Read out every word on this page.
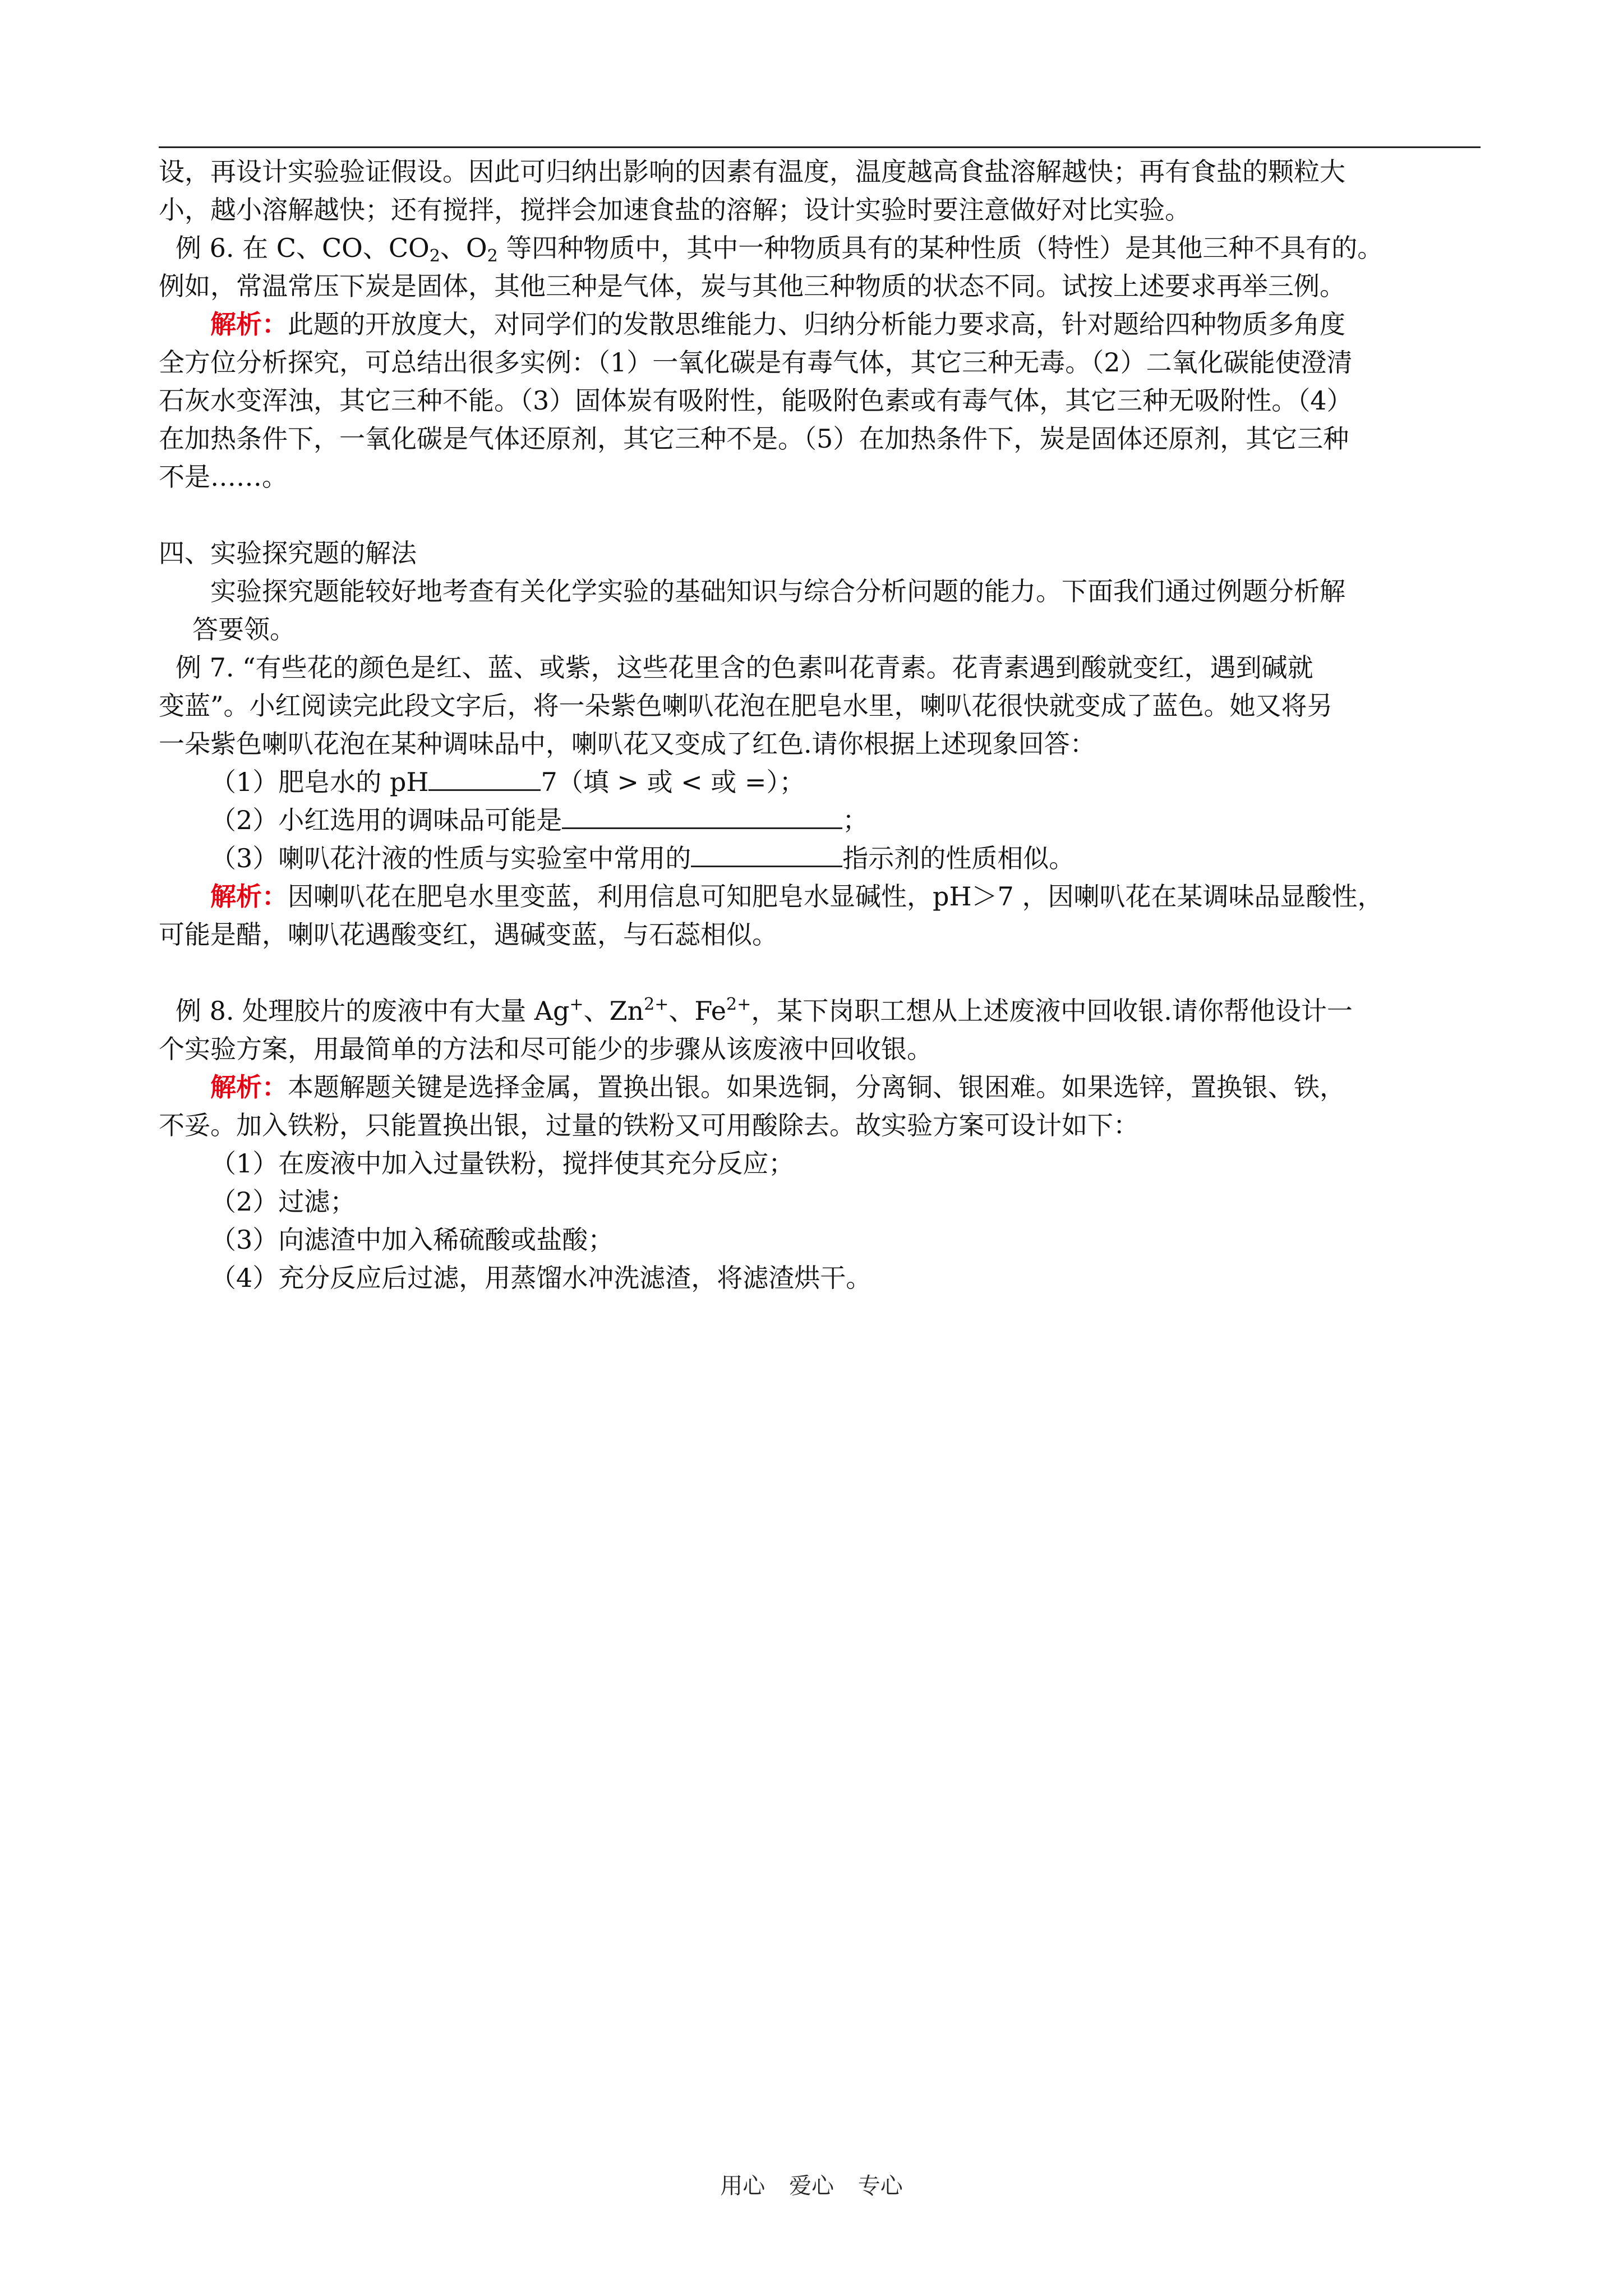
设，再设计实验验证假设。因此可归纳出影响的因素有温度，温度越高食盐溶解越快；再有食盐的颗粒大

小，越小溶解越快；还有搅拌，搅拌会加速食盐的溶解；设计实验时要注意做好对比实验。

例 6. 在 C、CO、$CO_2$、$O_2$ 等四种物质中，其中一种物质具有的某种性质（特性）是其他三种不具有的。

例如，常温常压下炭是固体，其他三种是气体，炭与其他三种物质的状态不同。试按上述要求再举三例。

解析：此题的开放度大，对同学们的发散思维能力、归纳分析能力要求高，针对题给四种物质多角度

全方位分析探究，可总结出很多实例：（1）一氧化碳是有毒气体，其它三种无毒。（2）二氧化碳能使澄清

石灰水变浑浊，其它三种不能。（3）固体炭有吸附性，能吸附色素或有毒气体，其它三种无吸附性。（4）

在加热条件下，一氧化碳是气体还原剂，其它三种不是。（5）在加热条件下，炭是固体还原剂，其它三种

不是……。

四、实验探究题的解法

实验探究题能较好地考查有关化学实验的基础知识与综合分析问题的能力。下面我们通过例题分析解

答要领。

例 7. “有些花的颜色是红、蓝、或紫，这些花里含的色素叫花青素。花青素遇到酸就变红，遇到碱就

变蓝”。小红阅读完此段文字后，将一朵紫色喇叭花泡在肥皂水里，喇叭花很快就变成了蓝色。她又将另

一朵紫色喇叭花泡在某种调味品中，喇叭花又变成了红色.请你根据上述现象回答：

（1）肥皂水的 pH	7（填 > 或 < 或 =）；

（2）小红选用的调味品可能是	；

（3）喇叭花汁液的性质与实验室中常用的	指示剂的性质相似。

解析：因喇叭花在肥皂水里变蓝，利用信息可知肥皂水显碱性，pH＞7 ，因喇叭花在某调味品显酸性，

可能是醋，喇叭花遇酸变红，遇碱变蓝，与石蕊相似。

例 8. 处理胶片的废液中有大量 Ag+、$Zn^{2+}$、$Fe^{2+}$，某下岗职工想从上述废液中回收银.请你帮他设计一

个实验方案，用最简单的方法和尽可能少的步骤从该废液中回收银。

解析：本题解题关键是选择金属，置换出银。如果选铜，分离铜、银困难。如果选锌，置换银、铁，

不妥。加入铁粉，只能置换出银，过量的铁粉又可用酸除去。故实验方案可设计如下：

（1）在废液中加入过量铁粉，搅拌使其充分反应；

（2）过滤；

（3）向滤渣中加入稀硫酸或盐酸；

（4）充分反应后过滤，用蒸馏水冲洗滤渣，将滤渣烘干。

用心 爱心 专心
